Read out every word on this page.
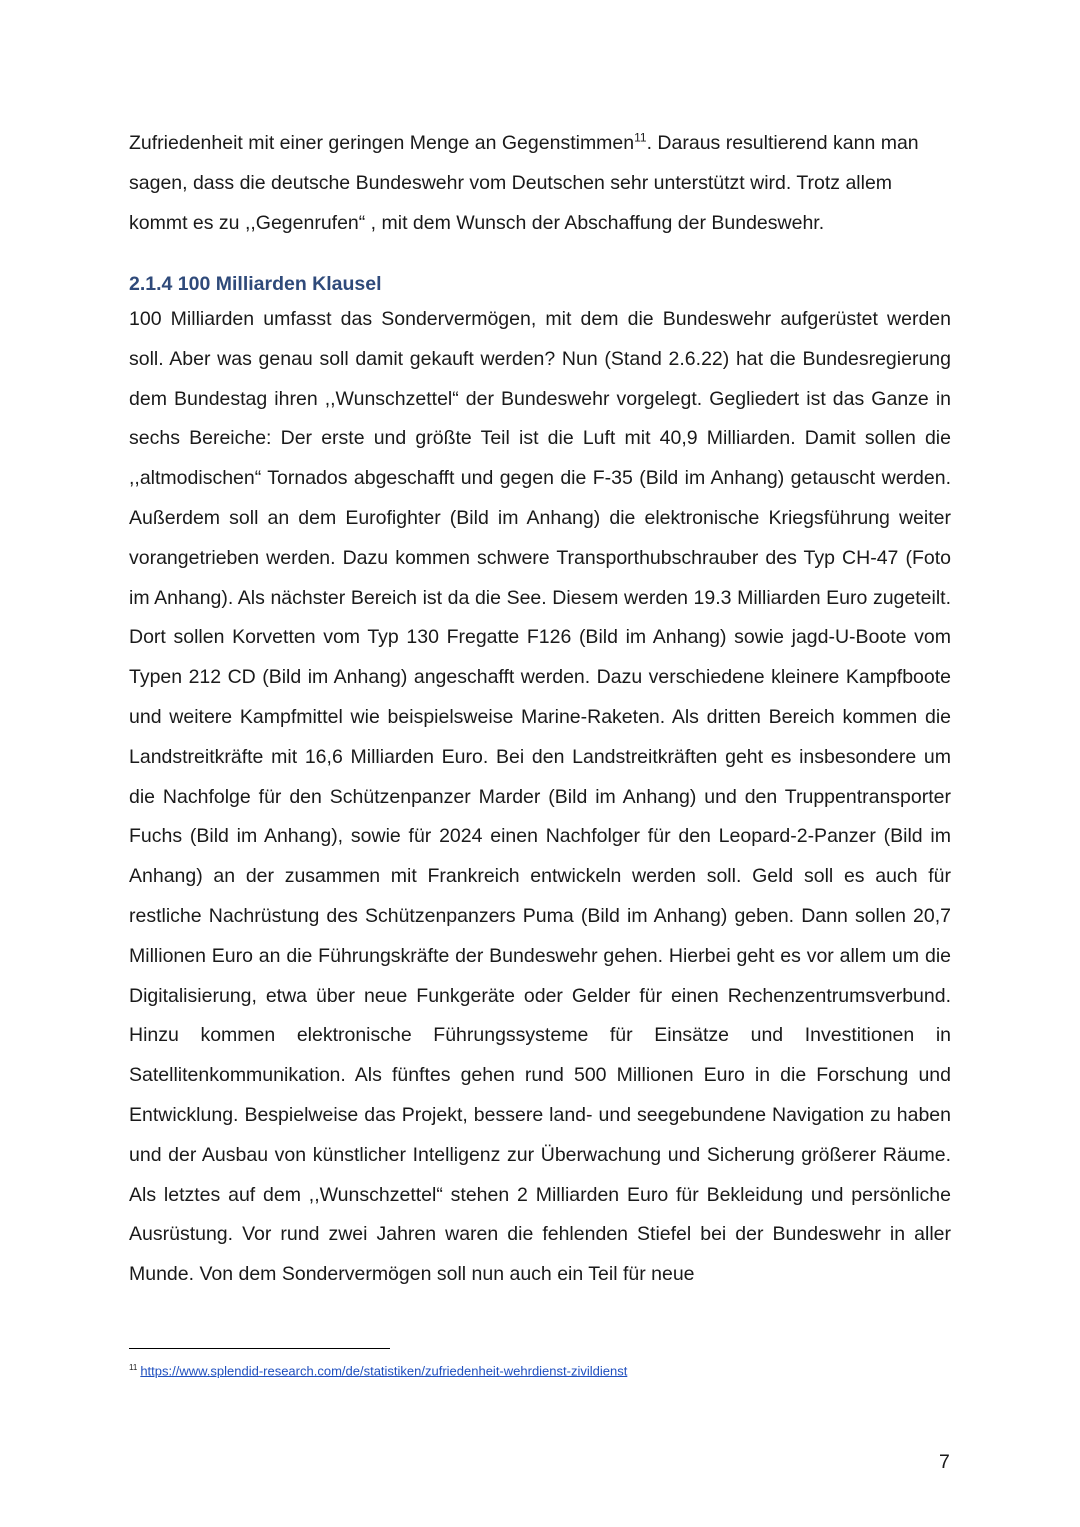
Zufriedenheit mit einer geringen Menge an Gegenstimmen$^{11}$. Daraus resultierend kann man sagen, dass die deutsche Bundeswehr vom Deutschen sehr unterstützt wird. Trotz allem kommt es zu ,,Gegenrufen“ , mit dem Wunsch der Abschaffung der Bundeswehr.

2.1.4 100 Milliarden Klausel

100 Milliarden umfasst das Sondervermögen, mit dem die Bundeswehr aufgerüstet werden soll. Aber was genau soll damit gekauft werden? Nun (Stand 2.6.22) hat die Bundesregierung dem Bundestag ihren ,,Wunschzettel“ der Bundeswehr vorgelegt. Gegliedert ist das Ganze in sechs Bereiche: Der erste und größte Teil ist die Luft mit 40,9 Milliarden. Damit sollen die ,,altmodischen“ Tornados abgeschafft und gegen die F-35 (Bild im Anhang) getauscht werden. Außerdem soll an dem Eurofighter (Bild im Anhang) die elektronische Kriegsführung weiter vorangetrieben werden. Dazu kommen schwere Transporthubschrauber des Typ CH-47 (Foto im Anhang). Als nächster Bereich ist da die See. Diesem werden 19.3 Milliarden Euro zugeteilt. Dort sollen Korvetten vom Typ 130 Fregatte F126 (Bild im Anhang) sowie jagd-U-Boote vom Typen 212 CD (Bild im Anhang) angeschafft werden. Dazu verschiedene kleinere Kampfboote und weitere Kampfmittel wie beispielsweise Marine-Raketen. Als dritten Bereich kommen die Landstreitkräfte mit 16,6 Milliarden Euro. Bei den Landstreitkräften geht es insbesondere um die Nachfolge für den Schützenpanzer Marder (Bild im Anhang) und den Truppentransporter Fuchs (Bild im Anhang), sowie für 2024 einen Nachfolger für den Leopard-2-Panzer (Bild im Anhang) an der zusammen mit Frankreich entwickeln werden soll. Geld soll es auch für restliche Nachrüstung des Schützenpanzers Puma (Bild im Anhang) geben. Dann sollen 20,7 Millionen Euro an die Führungskräfte der Bundeswehr gehen. Hierbei geht es vor allem um die Digitalisierung, etwa über neue Funkgeräte oder Gelder für einen Rechenzentrumsverbund. Hinzu kommen elektronische Führungssysteme für Einsätze und Investitionen in Satellitenkommunikation. Als fünftes gehen rund 500 Millionen Euro in die Forschung und Entwicklung. Bespielweise das Projekt, bessere land- und seegebundene Navigation zu haben und der Ausbau von künstlicher Intelligenz zur Überwachung und Sicherung größerer Räume. Als letztes auf dem ,,Wunschzettel“ stehen 2 Milliarden Euro für Bekleidung und persönliche Ausrüstung. Vor rund zwei Jahren waren die fehlenden Stiefel bei der Bundeswehr in aller Munde. Von dem Sondervermögen soll nun auch ein Teil für neue

$^{11}$ https://www.splendid-research.com/de/statistiken/zufriedenheit-wehrdienst-zivildienst

7
